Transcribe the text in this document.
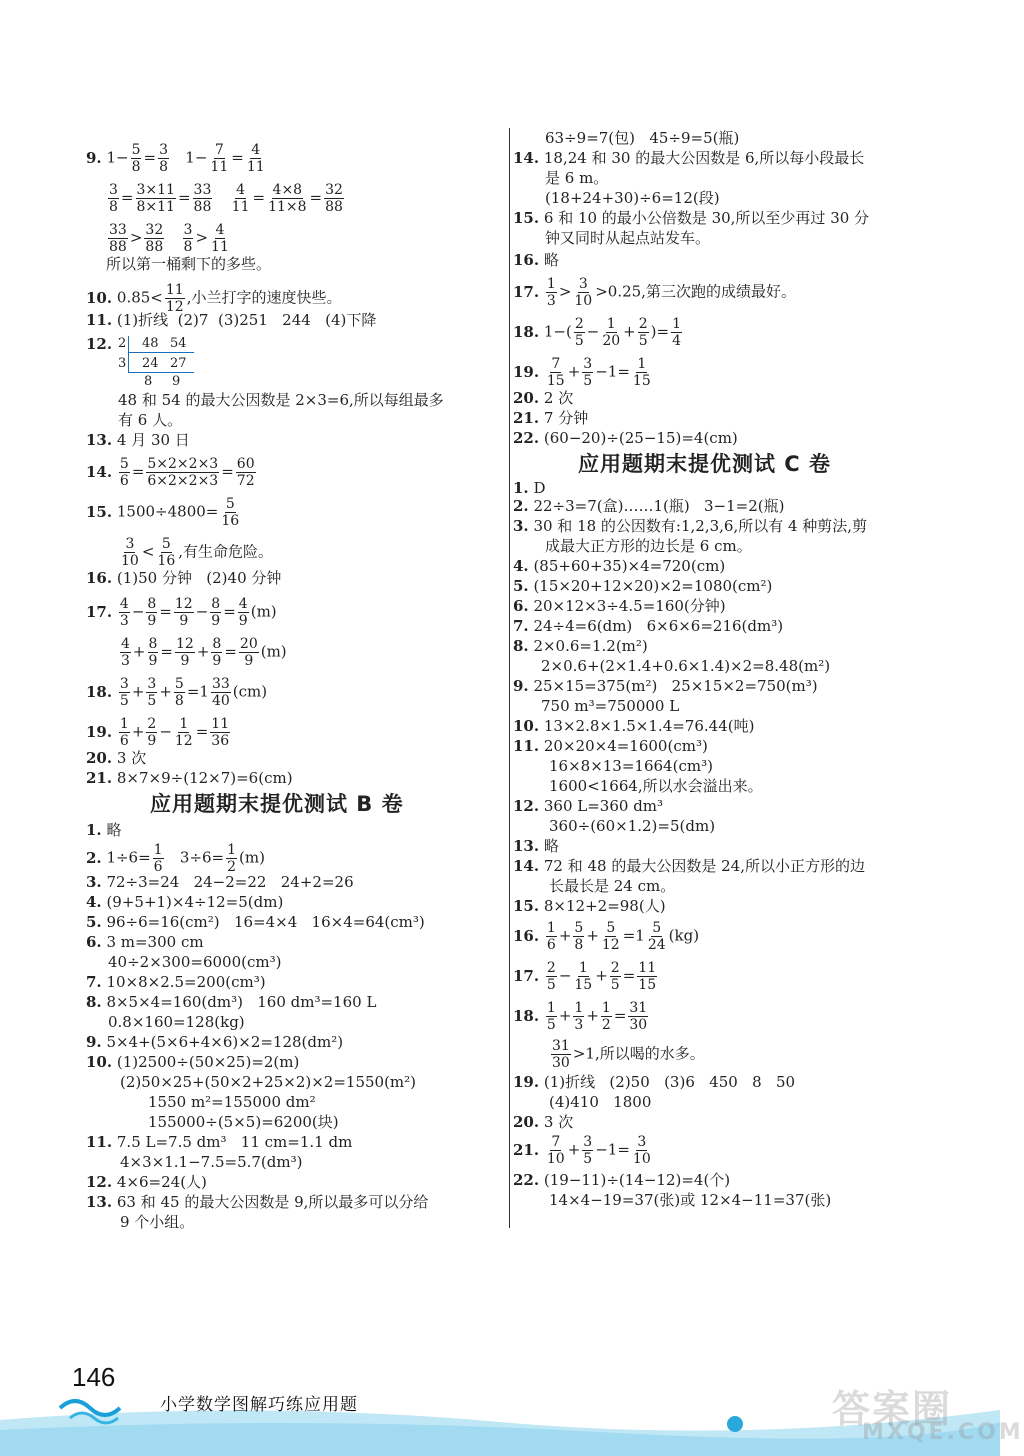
9. $1- \frac{5}{8} = \frac{3}{8} 1- \frac{7}{11} = \frac{4}{11}$
$\frac{3}{8} = \frac{3\times 11}{8\times 11} = \frac{33}{88}$
$\frac{4}{11} = \frac{4\times 8}{11\times 8} = \frac{32}{88}$
$\frac{33}{88} > \frac{32}{88}$
$\frac{3}{8} > \frac{4}{11}$
所以第一桶剩下的多些。
10. $0.85< \frac{11}{12}$ ,小兰打字的速度快些。
11. (1)折线  (2)7  (3)251   244   (4)下降
12.
48 和 54 的最大公因数是 2×3=6,所以每组最多
有 6 人。
13. 4 月 30 日
14. $\frac{5}{6} = \frac{5\times 2\times 2\times 3}{6\times 2\times 2\times 3} = \frac{60}{72}$
15. $1500\div 4800= \frac{5}{16}$
$\frac{3}{10} < \frac{5}{16}$ ,有生命危险。
16. (1)50 分钟   (2)40 分钟
17. $\frac{4}{3} - \frac{8}{9} = \frac{12}{9} - \frac{8}{9} = \frac{4}{9} (m)$
$\frac{4}{3} + \frac{8}{9} = \frac{12}{9} + \frac{8}{9} = \frac{20}{9} (m)$
18. $\frac{3}{5} + \frac{3}{5} + \frac{5}{8} =1 \frac{33}{40} (cm)$
19. $\frac{1}{6} + \frac{2}{9} - \frac{1}{12} = \frac{11}{36}$
20. 3 次
21. 8×7×9÷(12×7)=6(cm)
1. 略
2. $1\div 6= \frac{1}{6} 3\div 6= \frac{1}{2} (m)$
3. 72÷3=24   24−2=22   24+2=26
4. (9+5+1)×4÷12=5(dm)
5. 96÷6=16(cm²)   16=4×4   16×4=64(cm³)
6. 3 m=300 cm
40÷2×300=6000(cm³)
7. 10×8×2.5=200(cm³)
8. 8×5×4=160(dm³)   160 dm³=160 L
0.8×160=128(kg)
9. 5×4+(5×6+4×6)×2=128(dm²)
10. (1)2500÷(50×25)=2(m)
(2)50×25+(50×2+25×2)×2=1550(m²)
1550 m²=155000 dm²
155000÷(5×5)=6200(块)
11. 7.5 L=7.5 dm³   11 cm=1.1 dm
4×3×1.1−7.5=5.7(dm³)
12. 4×6=24(人)
13. 63 和 45 的最大公因数是 9,所以最多可以分给
9 个小组。
63÷9=7(包)   45÷9=5(瓶)
14. 18,24 和 30 的最大公因数是 6,所以每小段最长
是 6 m。
(18+24+30)÷6=12(段)
15. 6 和 10 的最小公倍数是 30,所以至少再过 30 分
钟又同时从起点站发车。
16. 略
17. $\frac{1}{3} > \frac{3}{10} >0.25$,第三次跑的成绩最好。
18. $1-( \frac{2}{5} - \frac{1}{20} + \frac{2}{5}$ )= $\frac{1}{4}$
19. $\frac{7}{15} + \frac{3}{5} -1= \frac{1}{15}$
20. 2 次
21. 7 分钟
22. (60−20)÷(25−15)=4(cm)
1. D
2. 22÷3=7(盒)……1(瓶)   3−1=2(瓶)
3. 30 和 18 的公因数有:1,2,3,6,所以有 4 种剪法,剪
成最大正方形的边长是 6 cm。
4. (85+60+35)×4=720(cm)
5. (15×20+12×20)×2=1080(cm²)
6. 20×12×3÷4.5=160(分钟)
7. 24÷4=6(dm)   6×6×6=216(dm³)
8. 2×0.6=1.2(m²)
2×0.6+(2×1.4+0.6×1.4)×2=8.48(m²)
9. 25×15=375(m²)   25×15×2=750(m³)
750 m³=750000 L
10. 13×2.8×1.5×1.4=76.44(吨)
11. 20×20×4=1600(cm³)
16×8×13=1664(cm³)
1600<1664,所以水会溢出来。
12. 360 L=360 dm³
360÷(60×1.2)=5(dm)
13. 略
14. 72 和 48 的最大公因数是 24,所以小正方形的边
长最长是 24 cm。
15. 8×12+2=98(人)
16. $\frac{1}{6} + \frac{5}{8} + \frac{5}{12} =1 \frac{5}{24} (kg)$
17. $\frac{2}{5} - \frac{1}{15} + \frac{2}{5} = \frac{11}{15}$
18. $\frac{1}{5} + \frac{1}{3} + \frac{1}{2} = \frac{31}{30}$
$\frac{31}{30} >1$,所以喝的水多。
19. (1)折线   (2)50   (3)6   450   8   50
(4)410   1800
20. 3 次
21. $\frac{7}{10} + \frac{3}{5} -1= \frac{3}{10}$
22. (19−11)÷(14−12)=4(个)
14×4−19=37(张)或 12×4−11=37(张)
应用题期末提优测试 B 卷
应用题期末提优测试 C 卷
2 48 54
3 24 27
8 9
146
小学数学图解巧练应用题	答案圈
MXQE.COM
